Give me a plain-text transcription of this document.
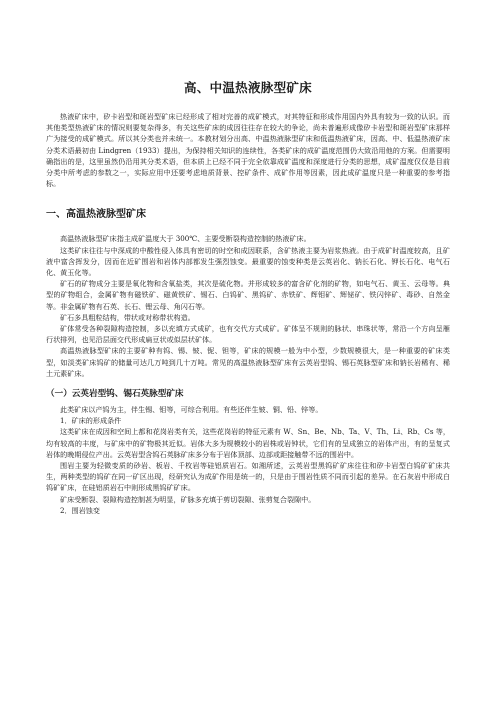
高、中温热液脉型矿床

热液矿床中，矽卡岩型和斑岩型矿床已经形成了相对完善的成矿模式，对其特征和形成作用国内外具有较为一致的认识。而其他类型热液矿床的情况则要复杂得多，有关这些矿床的成因往往存在较大的争论，尚未普遍形成像矽卡岩型和斑岩型矿床那样广为接受的成矿模式。所以其分类也并未统一。本教材划分出高、中温热液脉型矿床和低温热液矿床，因高、中、低温热液矿床分类术语最初由 Lindgren（1933）提出，为保持相关知识的连续性，各类矿床的成矿温度范围仍大致沿用他的方案。但需要明确指出的是，这里虽然仍沿用其分类术语，但本质上已经不同于完全依靠成矿温度和深度进行分类的思想，成矿温度仅仅是目前分类中所考虑的参数之一，实际应用中还要考虑地质背景、控矿条件、成矿作用等因素，因此成矿温度只是一种重要的参考指标。

一、高温热液脉型矿床

高温热液脉型矿床指主成矿温度大于 300℃、主要受断裂构造控制的热液矿床。

这类矿床往往与中深成的中酸性侵入体具有密切的时空和成因联系，含矿热液主要为岩浆热液。由于成矿时温度较高，且矿液中富含挥发分，因而在近矿围岩和岩体内部都发生强烈蚀变。最重要的蚀变种类是云英岩化、钠长石化、钾长石化、电气石化、黄玉化等。

矿石的矿物成分主要是氧化物和含氧盐类，其次是硫化物。并形成较多的富含矿化剂的矿物，如电气石、黄玉、云母等。典型的矿物组合，金属矿物有磁铁矿、磁黄铁矿、锡石、白钨矿、黑钨矿、赤铁矿、辉钼矿、辉铋矿、铁闪锌矿、毒砂、自然金等。非金属矿物有石英、长石、锂云母、角闪石等。

矿石多具粗粒结构，带状或对称带状构造。

矿体常受各种裂隙构造控制，多以充填方式成矿，也有交代方式成矿。矿体呈不规则的脉状、串珠状等，常沿一个方向呈雁行状排列，也见沿层面交代形成扁豆状或似层状矿体。

高温热液脉型矿床的主要矿种有钨、锡、铍、铌、钽等，矿床的规模一般为中小型，少数规模很大，是一种重要的矿床类型，如淡类矿床钨矿的储量可达几万吨到几十万吨。常见的高温热液脉型矿床有云英岩型钨、锡石英脉型矿床和钠长岩稀有、稀土元素矿床。

（一）云英岩型钨、锡石英脉型矿床

此类矿床以产钨为主，伴生锡、钼等，可综合利用。有些还伴生铍、铜、铅、锌等。

1．矿床的形成条件

这类矿床在成因和空间上都和花岗岩类有关，这些花岗岩的特征元素有 W、Sn、Be、Nb、Ta、V、Th、Li、Rb、Cs 等，均有较高的丰度，与矿床中的矿物极其近似。岩体大多为规模较小的岩株或岩钟状，它们有的呈成独立的岩体产出，有的呈复式岩体的晚期侵位产出。云英岩型含钨石英脉矿床多分布于岩体顶部、边部或距接触带不远的围岩中。

围岩主要为轻微变质的砂岩、板岩、千枚岩等硅铝质岩石。如湘所述，云英岩型黑钨矿矿床往往和矽卡岩型白钨矿矿床共生，两种类型的钨矿在同一矿区出现，经研究认为成矿作用是统一的，只是由于围岩性质不同而引起的差异。在石灰岩中形成白钨矿矿床，在硅铝质岩石中则形成黑钨矿矿床。

矿床受断裂、裂隙构造控制甚为明显，矿脉多充填于剪切裂隙、张剪复合裂隙中。

2．围岩蚀变
